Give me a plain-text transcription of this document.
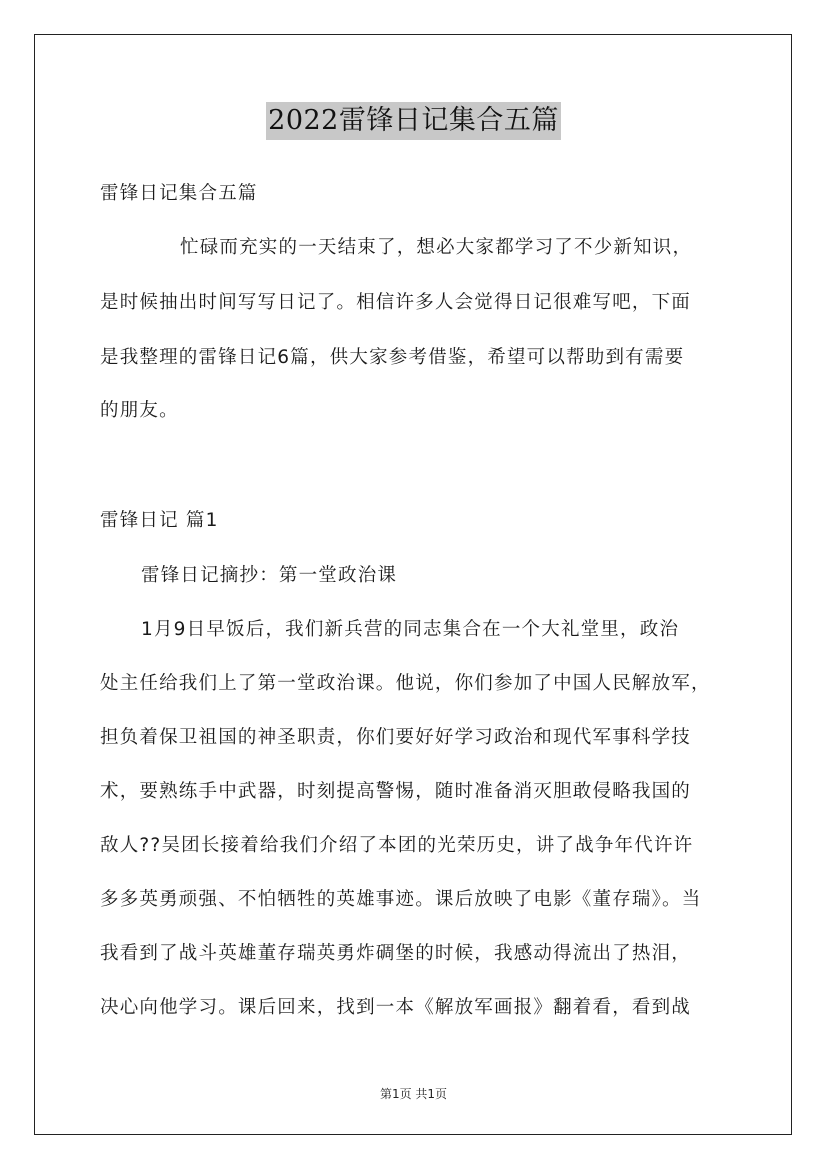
2022雷锋日记集合五篇
雷锋日记集合五篇
忙碌而充实的一天结束了，想必大家都学习了不少新知识，
是时候抽出时间写写日记了。相信许多人会觉得日记很难写吧，下面
是我整理的雷锋日记6篇，供大家参考借鉴，希望可以帮助到有需要
的朋友。
雷锋日记 篇1
雷锋日记摘抄：第一堂政治课
1月9日早饭后，我们新兵营的同志集合在一个大礼堂里，政治
处主任给我们上了第一堂政治课。他说，你们参加了中国人民解放军，
担负着保卫祖国的神圣职责，你们要好好学习政治和现代军事科学技
术，要熟练手中武器，时刻提高警惕，随时准备消灭胆敢侵略我国的
敌人??吴团长接着给我们介绍了本团的光荣历史，讲了战争年代许许
多多英勇顽强、不怕牺牲的英雄事迹。课后放映了电影《董存瑞》。当
我看到了战斗英雄董存瑞英勇炸碉堡的时候，我感动得流出了热泪，
决心向他学习。课后回来，找到一本《解放军画报》翻着看，看到战
第1页 共1页
